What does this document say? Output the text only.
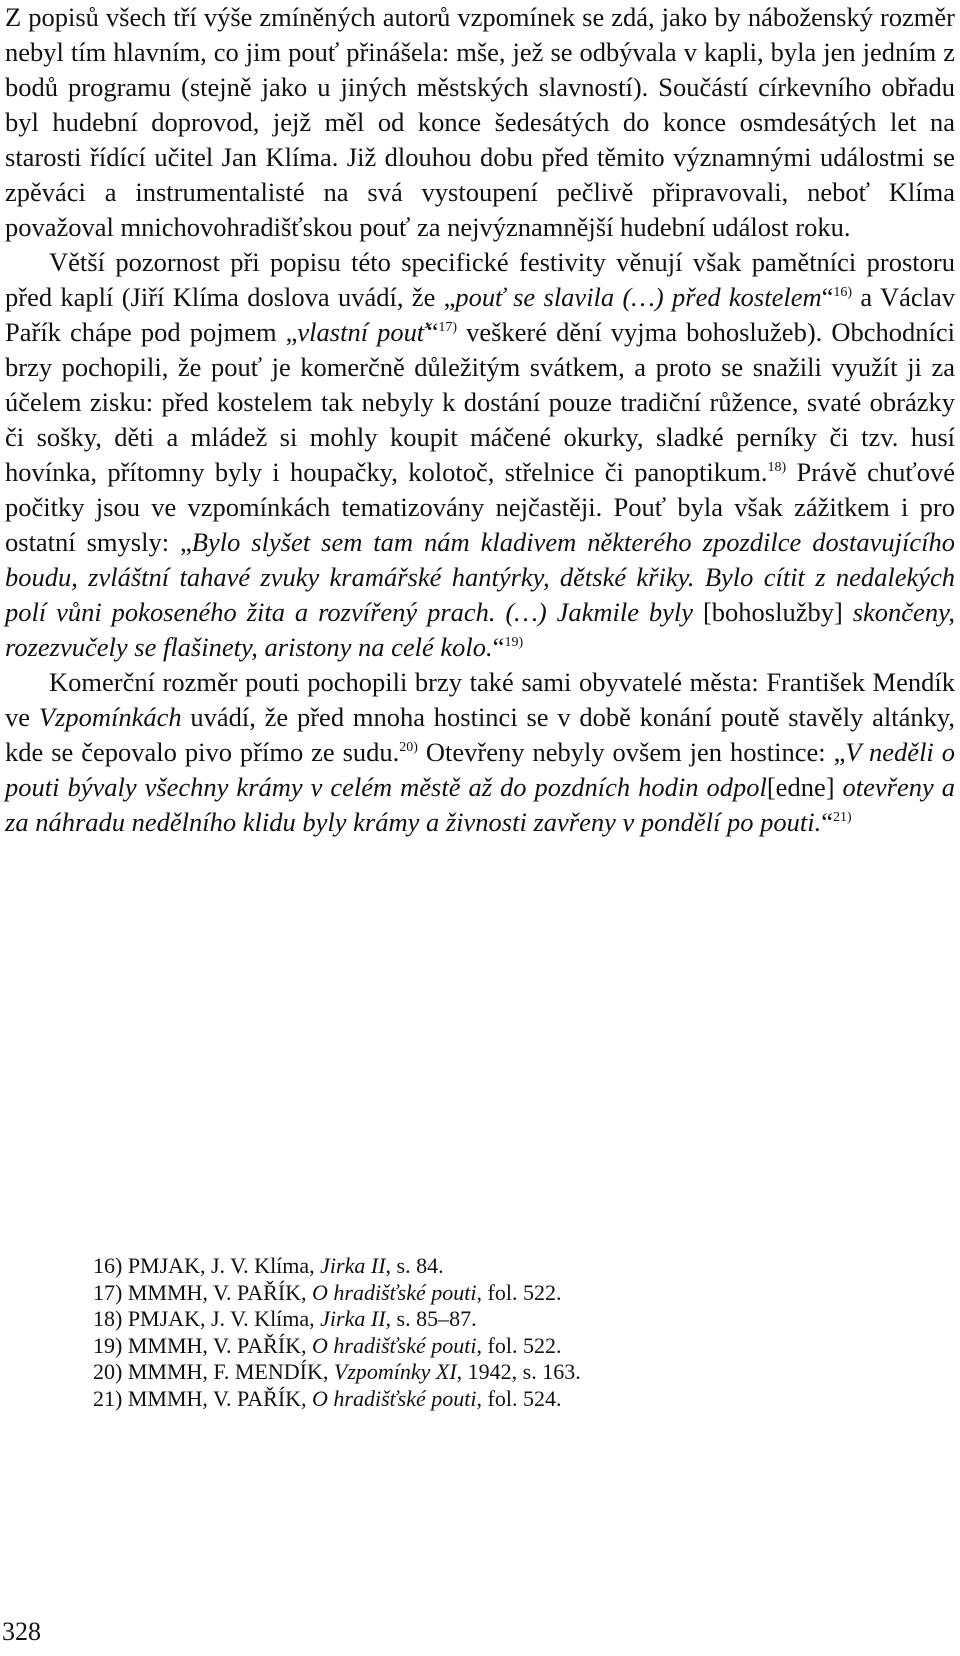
Z popisů všech tří výše zmíněných autorů vzpomínek se zdá, jako by náboženský rozměr nebyl tím hlavním, co jim pouť přinášela: mše, jež se odbývala v kapli, byla jen jedním z bodů programu (stejně jako u jiných městských slavností). Součástí církevního obřadu byl hudební doprovod, jejž měl od konce šedesátých do konce osmdesátých let na starosti řídící učitel Jan Klíma. Již dlouhou dobu před těmito významnými událostmi se zpěváci a instrumentalisté na svá vystoupení pečlivě připravovali, neboť Klíma považoval mnichovohradišťskou pouť za nejvýznamnější hudební událost roku.

Větší pozornost při popisu této specifické festivity věnují však pamětníci prostoru před kaplí (Jiří Klíma doslova uvádí, že „pouť se slavila (…) před kostelem“$^{16)}$ a Václav Pařík chápe pod pojmem „vlastní pouť“$^{17)}$ veškeré dění vyjma bohoslužeb). Obchodníci brzy pochopili, že pouť je komerčně důležitým svátkem, a proto se snažili využít ji za účelem zisku: před kostelem tak nebyly k dostání pouze tradiční růžence, svaté obrázky či sošky, děti a mládež si mohly koupit máčené okurky, sladké perníky či tzv. husí hovínka, přítomny byly i houpačky, kolotoč, střelnice či panoptikum.$^{18)}$ Právě chuťové počitky jsou ve vzpomínkách tematizovány nejčastěji. Pouť byla však zážitkem i pro ostatní smysly: „Bylo slyšet sem tam nám kladivem některého zpozdilce dostavujícího boudu, zvláštní tahavé zvuky kramářské hantýrky, dětské křiky. Bylo cítit z nedalekých polí vůni pokoseného žita a rozvířený prach. (…) Jakmile byly [bohoslužby] skončeny, rozezvučely se flašinety, aristony na celé kolo.“$^{19)}$

Komerční rozměr pouti pochopili brzy také sami obyvatelé města: František Mendík ve Vzpomínkách uvádí, že před mnoha hostinci se v době konání poutě stavěly altánky, kde se čepovalo pivo přímo ze sudu.$^{20)}$ Otevřeny nebyly ovšem jen hostince: „V neděli o pouti bývaly všechny krámy v celém městě až do pozdních hodin odpol[edne] otevřeny a za náhradu nedělního klidu byly krámy a živnosti zavřeny v pondělí po pouti.“$^{21)}$

16) PMJAK, J. V. Klíma, Jirka II, s. 84.
17) MMMH, V. PAŘÍK, O hradišťské pouti, fol. 522.
18) PMJAK, J. V. Klíma, Jirka II, s. 85–87.
19) MMMH, V. PAŘÍK, O hradišťské pouti, fol. 522.
20) MMMH, F. MENDÍK, Vzpomínky XI, 1942, s. 163.
21) MMMH, V. PAŘÍK, O hradišťské pouti, fol. 524.
328
